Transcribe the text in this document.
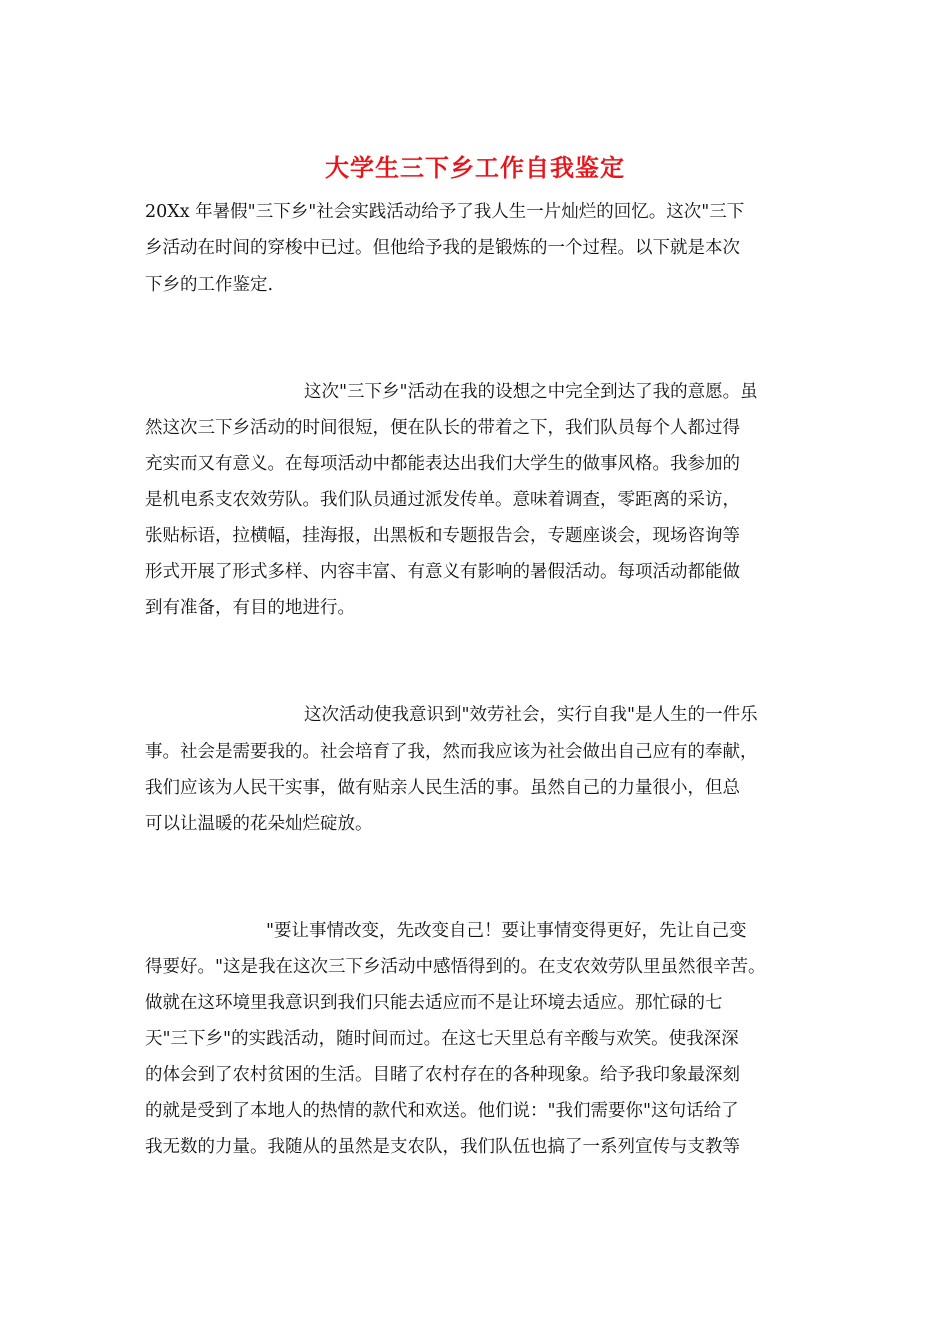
大学生三下乡工作自我鉴定
20Xx 年暑假"三下乡"社会实践活动给予了我人生一片灿烂的回忆。这次"三下
乡活动在时间的穿梭中已过。但他给予我的是锻炼的一个过程。以下就是本次
下乡的工作鉴定.
这次"三下乡"活动在我的设想之中完全到达了我的意愿。虽
然这次三下乡活动的时间很短，便在队长的带着之下，我们队员每个人都过得
充实而又有意义。在每项活动中都能表达出我们大学生的做事风格。我参加的
是机电系支农效劳队。我们队员通过派发传单。意味着调查，零距离的采访，
张贴标语，拉横幅，挂海报，出黑板和专题报告会，专题座谈会，现场咨询等
形式开展了形式多样、内容丰富、有意义有影响的暑假活动。每项活动都能做
到有准备，有目的地进行。
这次活动使我意识到"效劳社会，实行自我"是人生的一件乐
事。社会是需要我的。社会培育了我，然而我应该为社会做出自己应有的奉献，
我们应该为人民干实事，做有贴亲人民生活的事。虽然自己的力量很小，但总
可以让温暖的花朵灿烂碇放。
"要让事情改变，先改变自己！要让事情变得更好，先让自己变
得要好。"这是我在这次三下乡活动中感悟得到的。在支农效劳队里虽然很辛苦。
做就在这环境里我意识到我们只能去适应而不是让环境去适应。那忙碌的七
天"三下乡"的实践活动，随时间而过。在这七天里总有辛酸与欢笑。使我深深
的体会到了农村贫困的生活。目睹了农村存在的各种现象。给予我印象最深刻
的就是受到了本地人的热情的款代和欢送。他们说："我们需要你"这句话给了
我无数的力量。我随从的虽然是支农队，我们队伍也搞了一系列宣传与支教等
